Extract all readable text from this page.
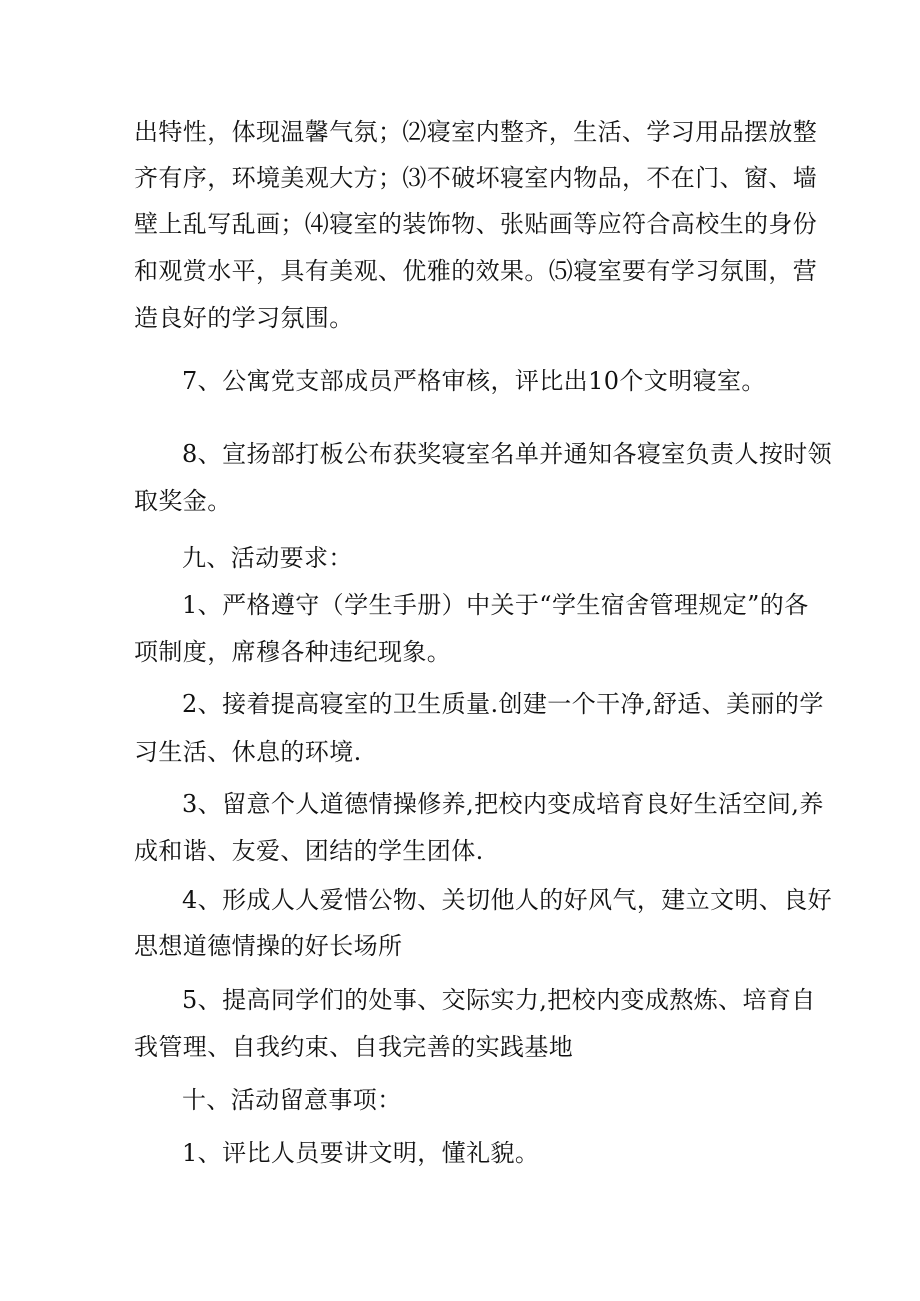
出特性，体现温馨气氛；⑵寝室内整齐，生活、学习用品摆放整
齐有序，环境美观大方；⑶不破坏寝室内物品，不在门、窗、墙
壁上乱写乱画；⑷寝室的装饰物、张贴画等应符合高校生的身份
和观赏水平，具有美观、优雅的效果。⑸寝室要有学习氛围，营
造良好的学习氛围。
7、公寓党支部成员严格审核，评比出10个文明寝室。
8、宣扬部打板公布获奖寝室名单并通知各寝室负责人按时领
取奖金。
九、活动要求：
1、严格遵守（学生手册）中关于“学生宿舍管理规定”的各
项制度，席穆各种违纪现象。
2、接着提高寝室的卫生质量.创建一个干净,舒适、美丽的学
习生活、休息的环境.
3、留意个人道德情操修养,把校内变成培育良好生活空间,养
成和谐、友爱、团结的学生团体.
4、形成人人爱惜公物、关切他人的好风气，建立文明、良好
思想道德情操的好长场所
5、提高同学们的处事、交际实力,把校内变成熬炼、培育自
我管理、自我约束、自我完善的实践基地
十、活动留意事项：
1、评比人员要讲文明，懂礼貌。
